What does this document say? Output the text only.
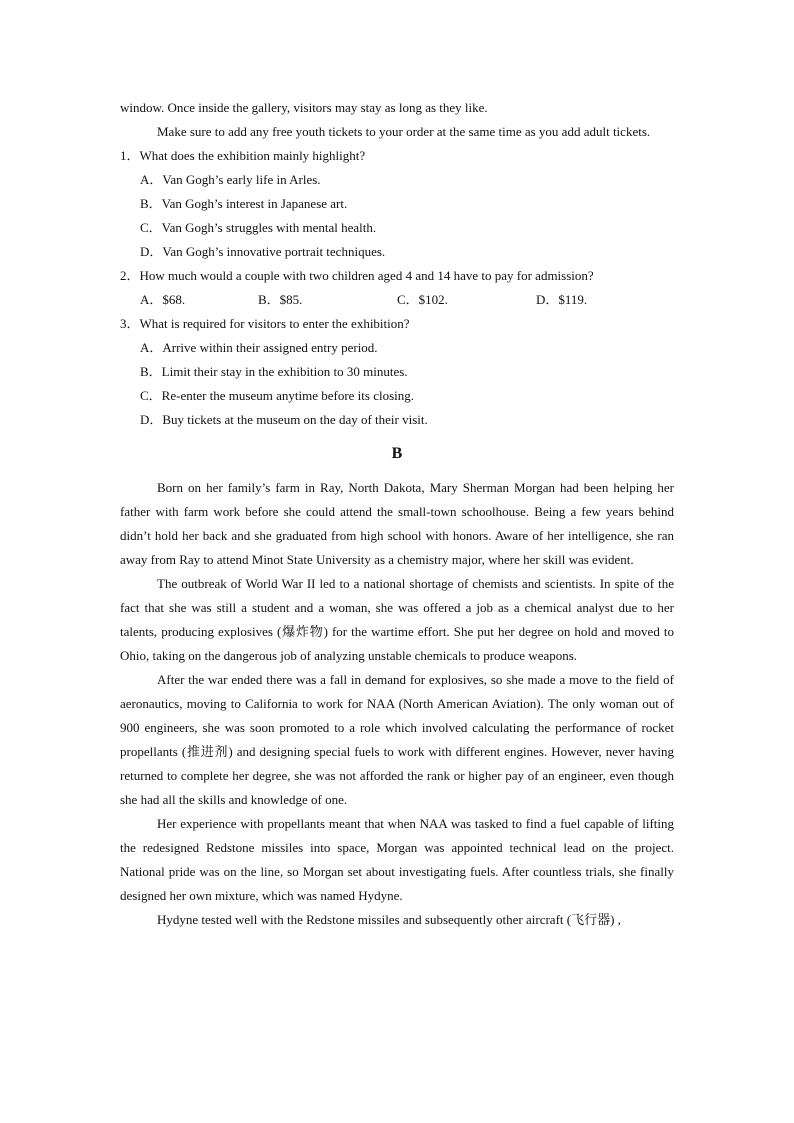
window. Once inside the gallery, visitors may stay as long as they like.

Make sure to add any free youth tickets to your order at the same time as you add adult tickets.

1．What does the exhibition mainly highlight?

A．Van Gogh’s early life in Arles.

B．Van Gogh’s interest in Japanese art.

C．Van Gogh’s struggles with mental health.

D．Van Gogh’s innovative portrait techniques.

2．How much would a couple with two children aged 4 and 14 have to pay for admission?

A．$68.	B．$85.	C．$102.	D．$119.

3．What is required for visitors to enter the exhibition?

A．Arrive within their assigned entry period.

B．Limit their stay in the exhibition to 30 minutes.

C．Re-enter the museum anytime before its closing.

D．Buy tickets at the museum on the day of their visit.

B

Born on her family’s farm in Ray, North Dakota, Mary Sherman Morgan had been helping her father with farm work before she could attend the small-town schoolhouse. Being a few years behind didn’t hold her back and she graduated from high school with honors. Aware of her intelligence, she ran away from Ray to attend Minot State University as a chemistry major, where her skill was evident.

The outbreak of World War II led to a national shortage of chemists and scientists. In spite of the fact that she was still a student and a woman, she was offered a job as a chemical analyst due to her talents, producing explosives (爆炸物) for the wartime effort. She put her degree on hold and moved to Ohio, taking on the dangerous job of analyzing unstable chemicals to produce weapons.

After the war ended there was a fall in demand for explosives, so she made a move to the field of aeronautics, moving to California to work for NAA (North American Aviation). The only woman out of 900 engineers, she was soon promoted to a role which involved calculating the performance of rocket propellants (推进剂) and designing special fuels to work with different engines. However, never having returned to complete her degree, she was not afforded the rank or higher pay of an engineer, even though she had all the skills and knowledge of one.

Her experience with propellants meant that when NAA was tasked to find a fuel capable of lifting the redesigned Redstone missiles into space, Morgan was appointed technical lead on the project. National pride was on the line, so Morgan set about investigating fuels. After countless trials, she finally designed her own mixture, which was named Hydyne.

Hydyne tested well with the Redstone missiles and subsequently other aircraft (飞行器) ,
